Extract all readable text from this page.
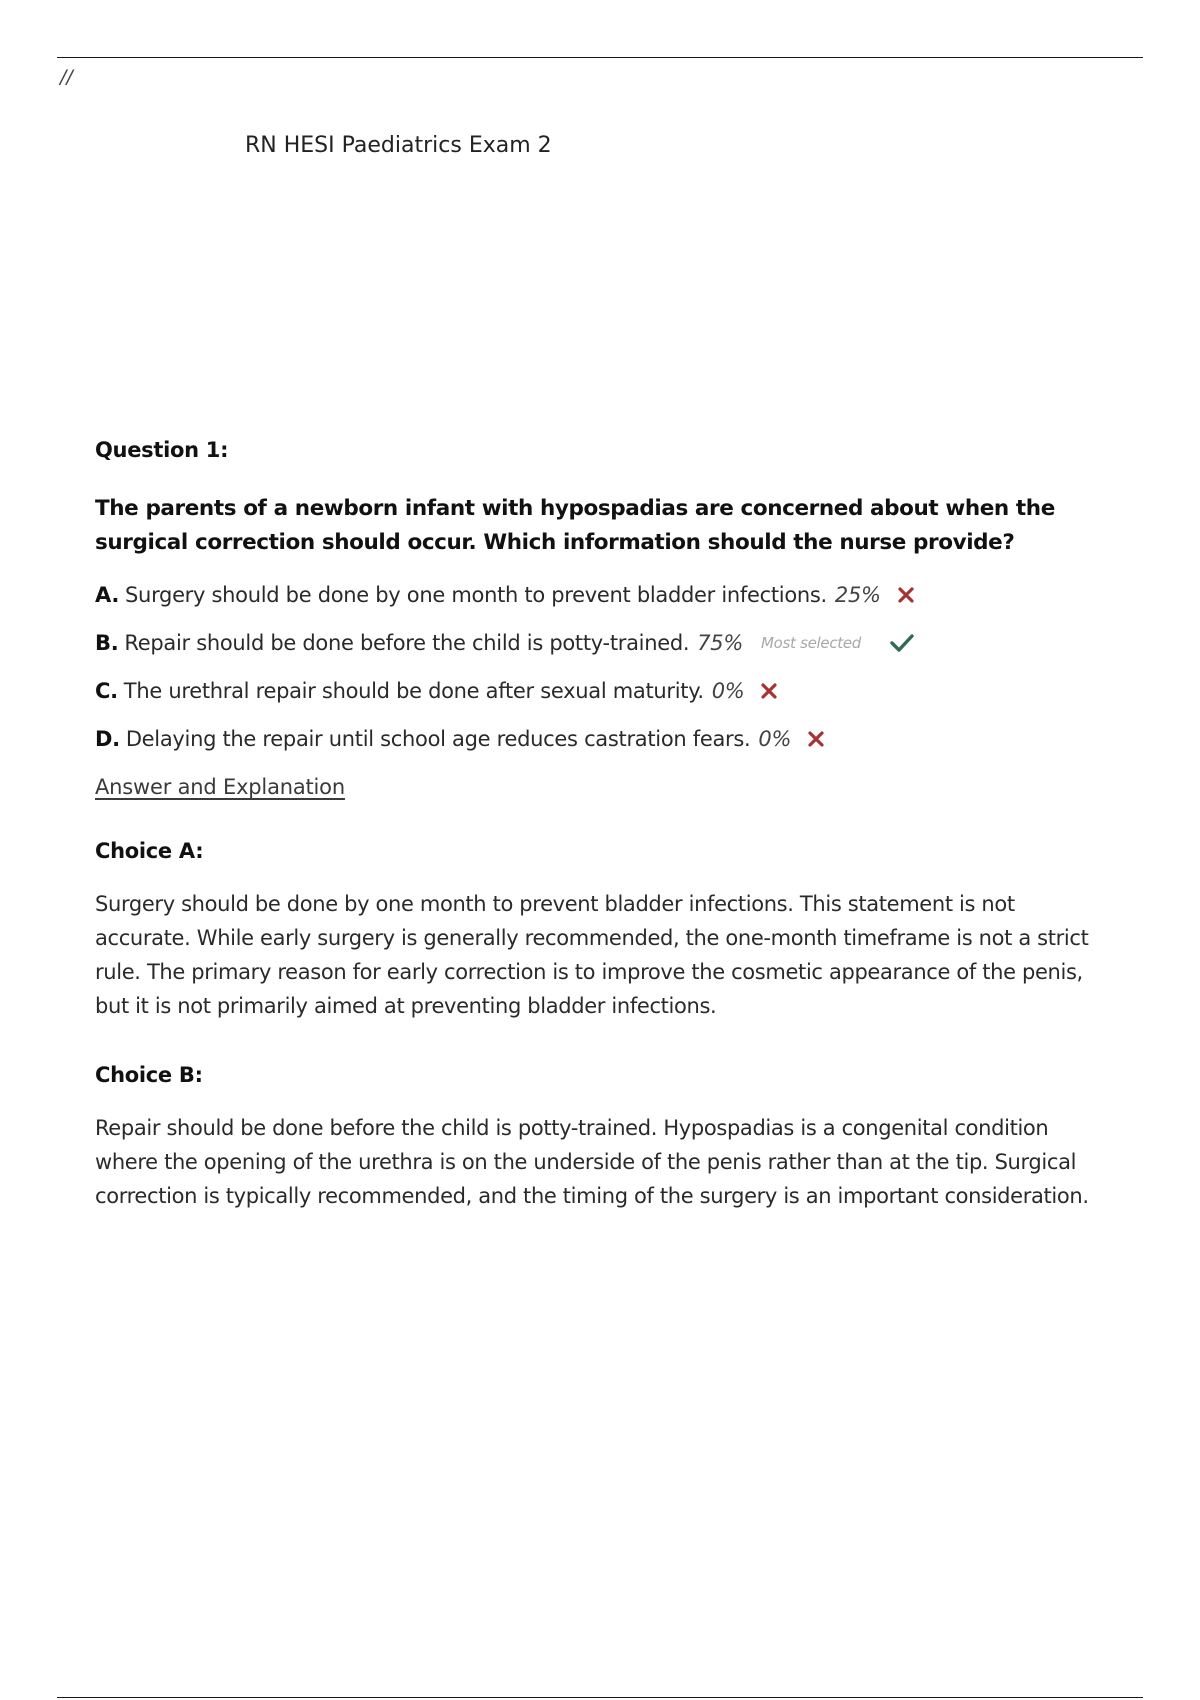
//
RN HESI Paediatrics Exam 2
Question 1:
The parents of a newborn infant with hypospadias are concerned about when the surgical correction should occur. Which information should the nurse provide?
A. Surgery should be done by one month to prevent bladder infections. 25%
B. Repair should be done before the child is potty-trained. 75% Most selected
C. The urethral repair should be done after sexual maturity. 0%
D. Delaying the repair until school age reduces castration fears. 0%
Answer and Explanation
Choice A:

Surgery should be done by one month to prevent bladder infections. This statement is not accurate. While early surgery is generally recommended, the one-month timeframe is not a strict rule. The primary reason for early correction is to improve the cosmetic appearance of the penis, but it is not primarily aimed at preventing bladder infections.

Choice B:

Repair should be done before the child is potty-trained. Hypospadias is a congenital condition where the opening of the urethra is on the underside of the penis rather than at the tip. Surgical correction is typically recommended, and the timing of the surgery is an important consideration.
